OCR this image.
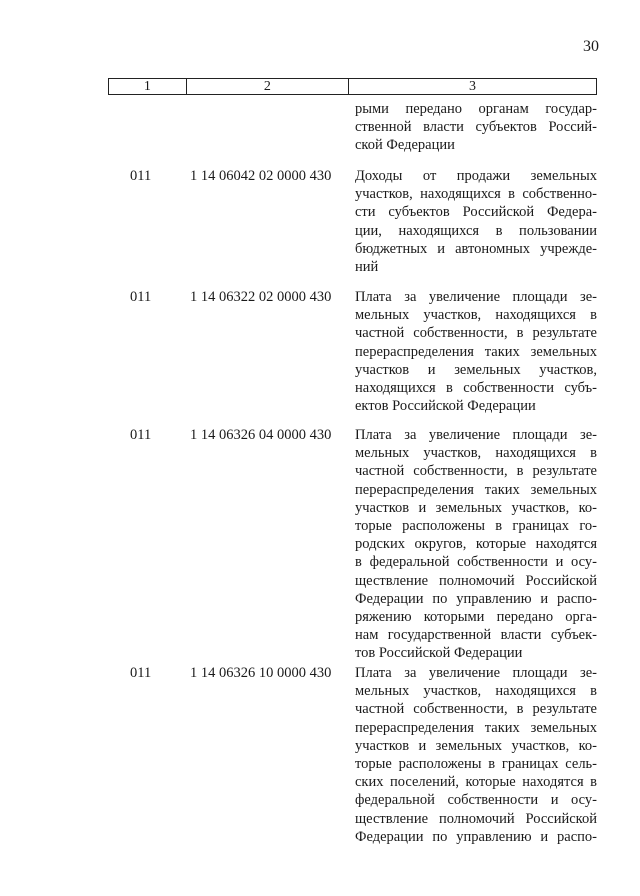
30
1	2	3
рыми передано органам государ-
ственной власти субъектов Россий-
ской Федерации
011	1 14 06042 02 0000 430 Доходы от продажи земельных
участков, находящихся в собственно-
сти субъектов Российской Федера-
ции, находящихся в пользовании
бюджетных и автономных учрежде-
ний
011	1 14 06322 02 0000 430 Плата за увеличение площади зе-
мельных участков, находящихся в
частной собственности, в результате
перераспределения таких земельных
участков и земельных участков,
находящихся в собственности субъ-
ектов Российской Федерации
011	1 14 06326 04 0000 430 Плата за увеличение площади зе-
мельных участков, находящихся в
частной собственности, в результате
перераспределения таких земельных
участков и земельных участков, ко-
торые расположены в границах го-
родских округов, которые находятся
в федеральной собственности и осу-
ществление полномочий Российской
Федерации по управлению и распо-
ряжению которыми передано орга-
нам государственной власти субъек-
тов Российской Федерации
011	1 14 06326 10 0000 430 Плата за увеличение площади зе-
мельных участков, находящихся в
частной собственности, в результате
перераспределения таких земельных
участков и земельных участков, ко-
торые расположены в границах сель-
ских поселений, которые находятся в
федеральной собственности и осу-
ществление полномочий Российской
Федерации по управлению и распо-
